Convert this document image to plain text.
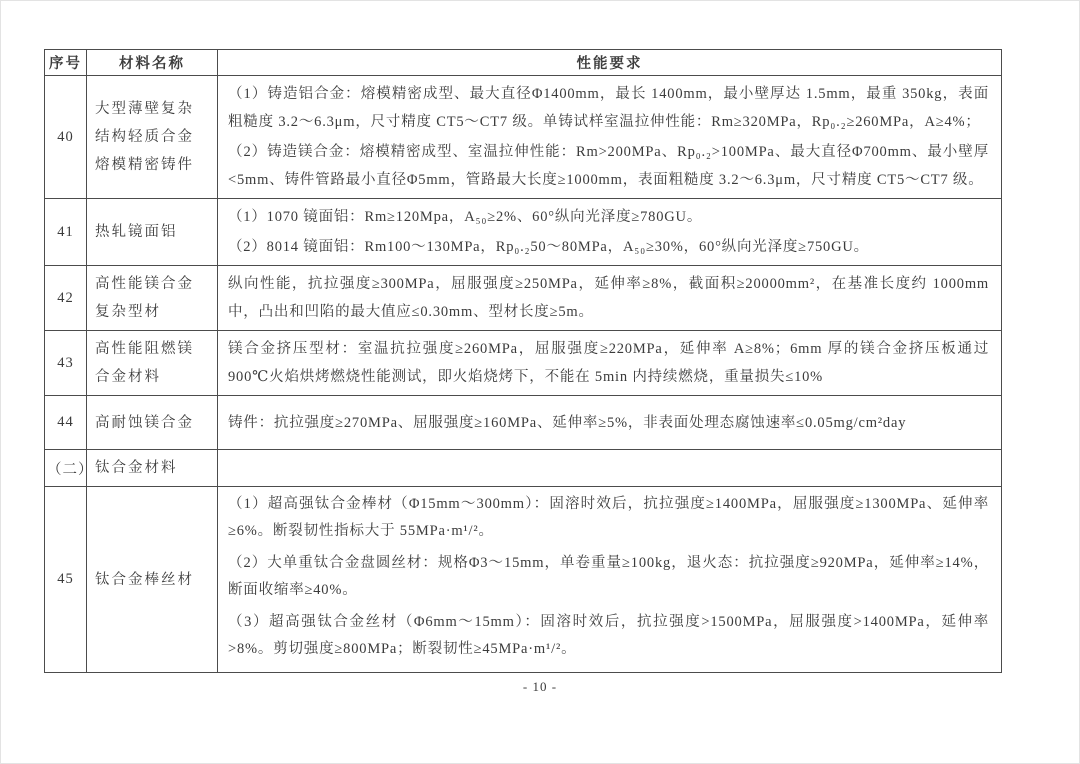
序号	材料名称	性能要求
40	大型薄壁复杂结构轻质合金熔模精密铸件	（1）铸造铝合金：熔模精密成型、最大直径Φ1400mm，最长 1400mm，最小壁厚达 1.5mm，最重 350kg，表面粗糙度 3.2～6.3μm，尺寸精度 CT5～CT7 级。单铸试样室温拉伸性能：Rm≥320MPa，Rp₀.₂≥260MPa，A≥4%；

（2）铸造镁合金：熔模精密成型、室温拉伸性能：Rm>200MPa、Rp₀.₂>100MPa、最大直径Φ700mm、最小壁厚<5mm、铸件管路最小直径Φ5mm，管路最大长度≥1000mm，表面粗糙度 3.2～6.3μm，尺寸精度 CT5～CT7 级。

41	热轧镜面铝	（1）1070 镜面铝：Rm≥120Mpa，A₅₀≥2%、60°纵向光泽度≥780GU。

（2）8014 镜面铝：Rm100～130MPa，Rp₀.₂50～80MPa，A₅₀≥30%，60°纵向光泽度≥750GU。

42	高性能镁合金复杂型材	纵向性能，抗拉强度≥300MPa，屈服强度≥250MPa，延伸率≥8%，截面积≥20000mm²，在基准长度约 1000mm 中，凸出和凹陷的最大值应≤0.30mm、型材长度≥5m。

43	高性能阻燃镁合金材料	镁合金挤压型材：室温抗拉强度≥260MPa，屈服强度≥220MPa，延伸率 A≥8%；6mm 厚的镁合金挤压板通过 900℃火焰烘烤燃烧性能测试，即火焰烧烤下，不能在 5min 内持续燃烧，重量损失≤10%

44	高耐蚀镁合金	铸件：抗拉强度≥270MPa、屈服强度≥160MPa、延伸率≥5%，非表面处理态腐蚀速率≤0.05mg/cm²day

（二）	钛合金材料	
45	钛合金棒丝材	（1）超高强钛合金棒材（Φ15mm～300mm）：固溶时效后，抗拉强度≥1400MPa，屈服强度≥1300MPa、延伸率≥6%。断裂韧性指标大于 55MPa·m¹/²。

（2）大单重钛合金盘圆丝材：规格Φ3～15mm，单卷重量≥100kg，退火态：抗拉强度≥920MPa，延伸率≥14%，断面收缩率≥40%。

（3）超高强钛合金丝材（Φ6mm～15mm）：固溶时效后，抗拉强度>1500MPa，屈服强度>1400MPa，延伸率>8%。剪切强度≥800MPa；断裂韧性≥45MPa·m¹/²。

- 10 -
